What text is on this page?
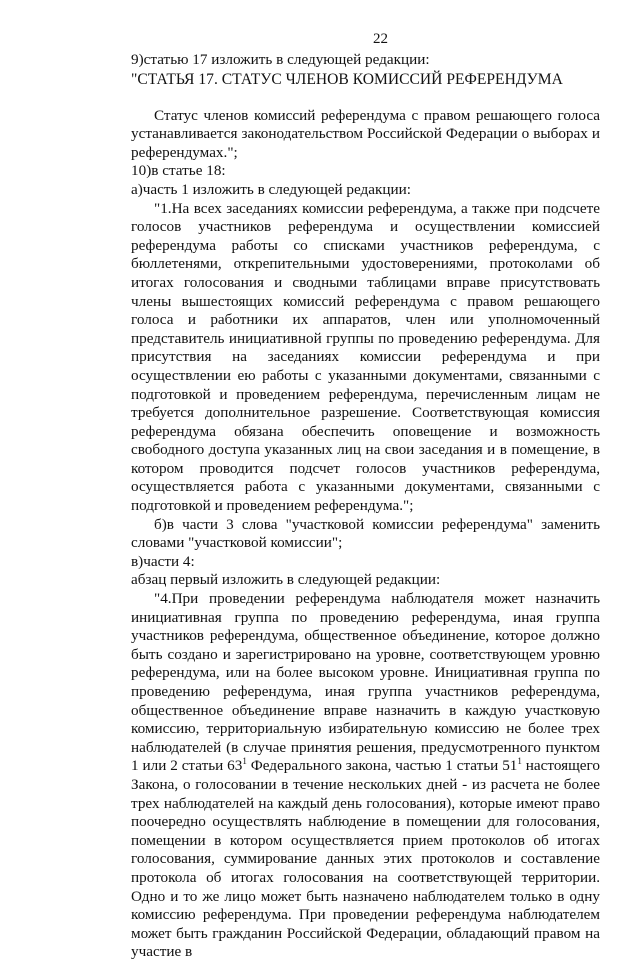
22

9)статью 17 изложить в следующей редакции:

"СТАТЬЯ 17. СТАТУС ЧЛЕНОВ КОМИССИЙ РЕФЕРЕНДУМА

Статус членов комиссий референдума с правом решающего голоса устанавливается законодательством Российской Федерации о выборах и референдумах.";

10)в статье 18:

а)часть 1 изложить в следующей редакции:

"1.На всех заседаниях комиссии референдума, а также при подсчете голосов участников референдума и осуществлении комиссией референдума работы со списками участников референдума, с бюллетенями, открепительными удостоверениями, протоколами об итогах голосования и сводными таблицами вправе присутствовать члены вышестоящих комиссий референдума с правом решающего голоса и работники их аппаратов, член или уполномоченный представитель инициативной группы по проведению референдума. Для присутствия на заседаниях комиссии референдума и при осуществлении ею работы с указанными документами, связанными с подготовкой и проведением референдума, перечисленным лицам не требуется дополнительное разрешение. Соответствующая комиссия референдума обязана обеспечить оповещение и возможность свободного доступа указанных лиц на свои заседания и в помещение, в котором проводится подсчет голосов участников референдума, осуществляется работа с указанными документами, связанными с подготовкой и проведением референдума.";

б)в части 3 слова "участковой комиссии референдума" заменить словами "участковой комиссии";

в)части 4:

абзац первый изложить в следующей редакции:

"4.При проведении референдума наблюдателя может назначить инициативная группа по проведению референдума, иная группа участников референдума, общественное объединение, которое должно быть создано и зарегистрировано на уровне, соответствующем уровню референдума, или на более высоком уровне. Инициативная группа по проведению референдума, иная группа участников референдума, общественное объединение вправе назначить в каждую участковую комиссию, территориальную избирательную комиссию не более трех наблюдателей (в случае принятия решения, предусмотренного пунктом 1 или 2 статьи $63^1$ Федерального закона, частью 1 статьи $51^1$ настоящего Закона, о голосовании в течение нескольких дней - из расчета не более трех наблюдателей на каждый день голосования), которые имеют право поочередно осуществлять наблюдение в помещении для голосования, помещении в котором осуществляется прием протоколов об итогах голосования, суммирование данных этих протоколов и составление протокола об итогах голосования на соответствующей территории. Одно и то же лицо может быть назначено наблюдателем только в одну комиссию референдума. При проведении референдума наблюдателем может быть гражданин Российской Федерации, обладающий правом на участие в
